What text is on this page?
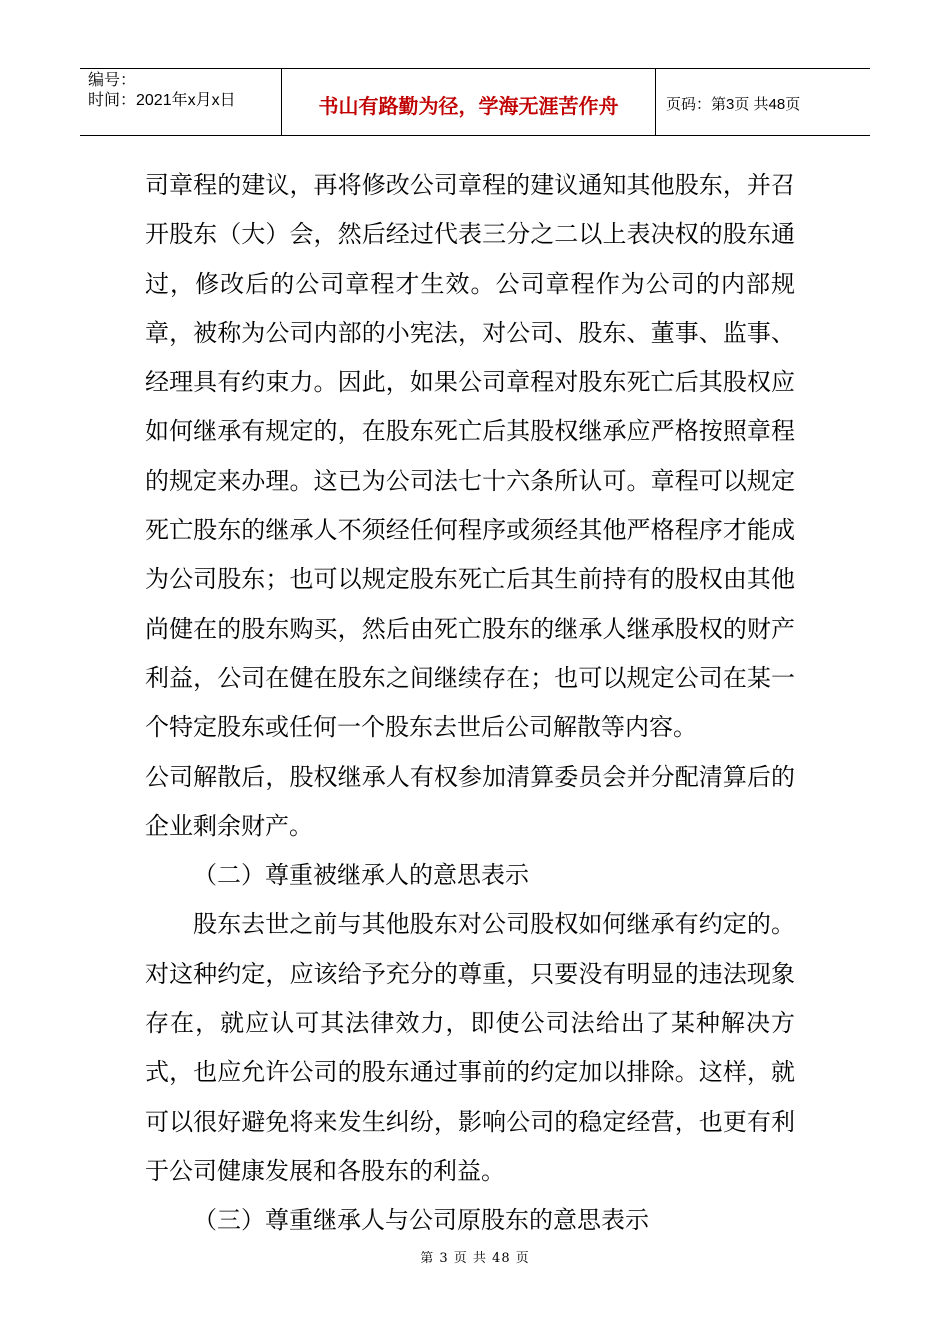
编号：
时间：2021年x月x日	书山有路勤为径，学海无涯苦作舟	页码：第3页 共48页

司章程的建议，再将修改公司章程的建议通知其他股东，并召开股东（大）会，然后经过代表三分之二以上表决权的股东通过，修改后的公司章程才生效。公司章程作为公司的内部规章，被称为公司内部的小宪法，对公司、股东、董事、监事、经理具有约束力。因此，如果公司章程对股东死亡后其股权应如何继承有规定的，在股东死亡后其股权继承应严格按照章程的规定来办理。这已为公司法七十六条所认可。章程可以规定死亡股东的继承人不须经任何程序或须经其他严格程序才能成为公司股东；也可以规定股东死亡后其生前持有的股权由其他尚健在的股东购买，然后由死亡股东的继承人继承股权的财产利益，公司在健在股东之间继续存在；也可以规定公司在某一个特定股东或任何一个股东去世后公司解散等内容。

公司解散后，股权继承人有权参加清算委员会并分配清算后的企业剩余财产。

（二）尊重被继承人的意思表示

股东去世之前与其他股东对公司股权如何继承有约定的。对这种约定，应该给予充分的尊重，只要没有明显的违法现象存在，就应认可其法律效力，即使公司法给出了某种解决方式，也应允许公司的股东通过事前的约定加以排除。这样，就可以很好避免将来发生纠纷，影响公司的稳定经营，也更有利于公司健康发展和各股东的利益。

（三）尊重继承人与公司原股东的意思表示

第 3 页 共 48 页
